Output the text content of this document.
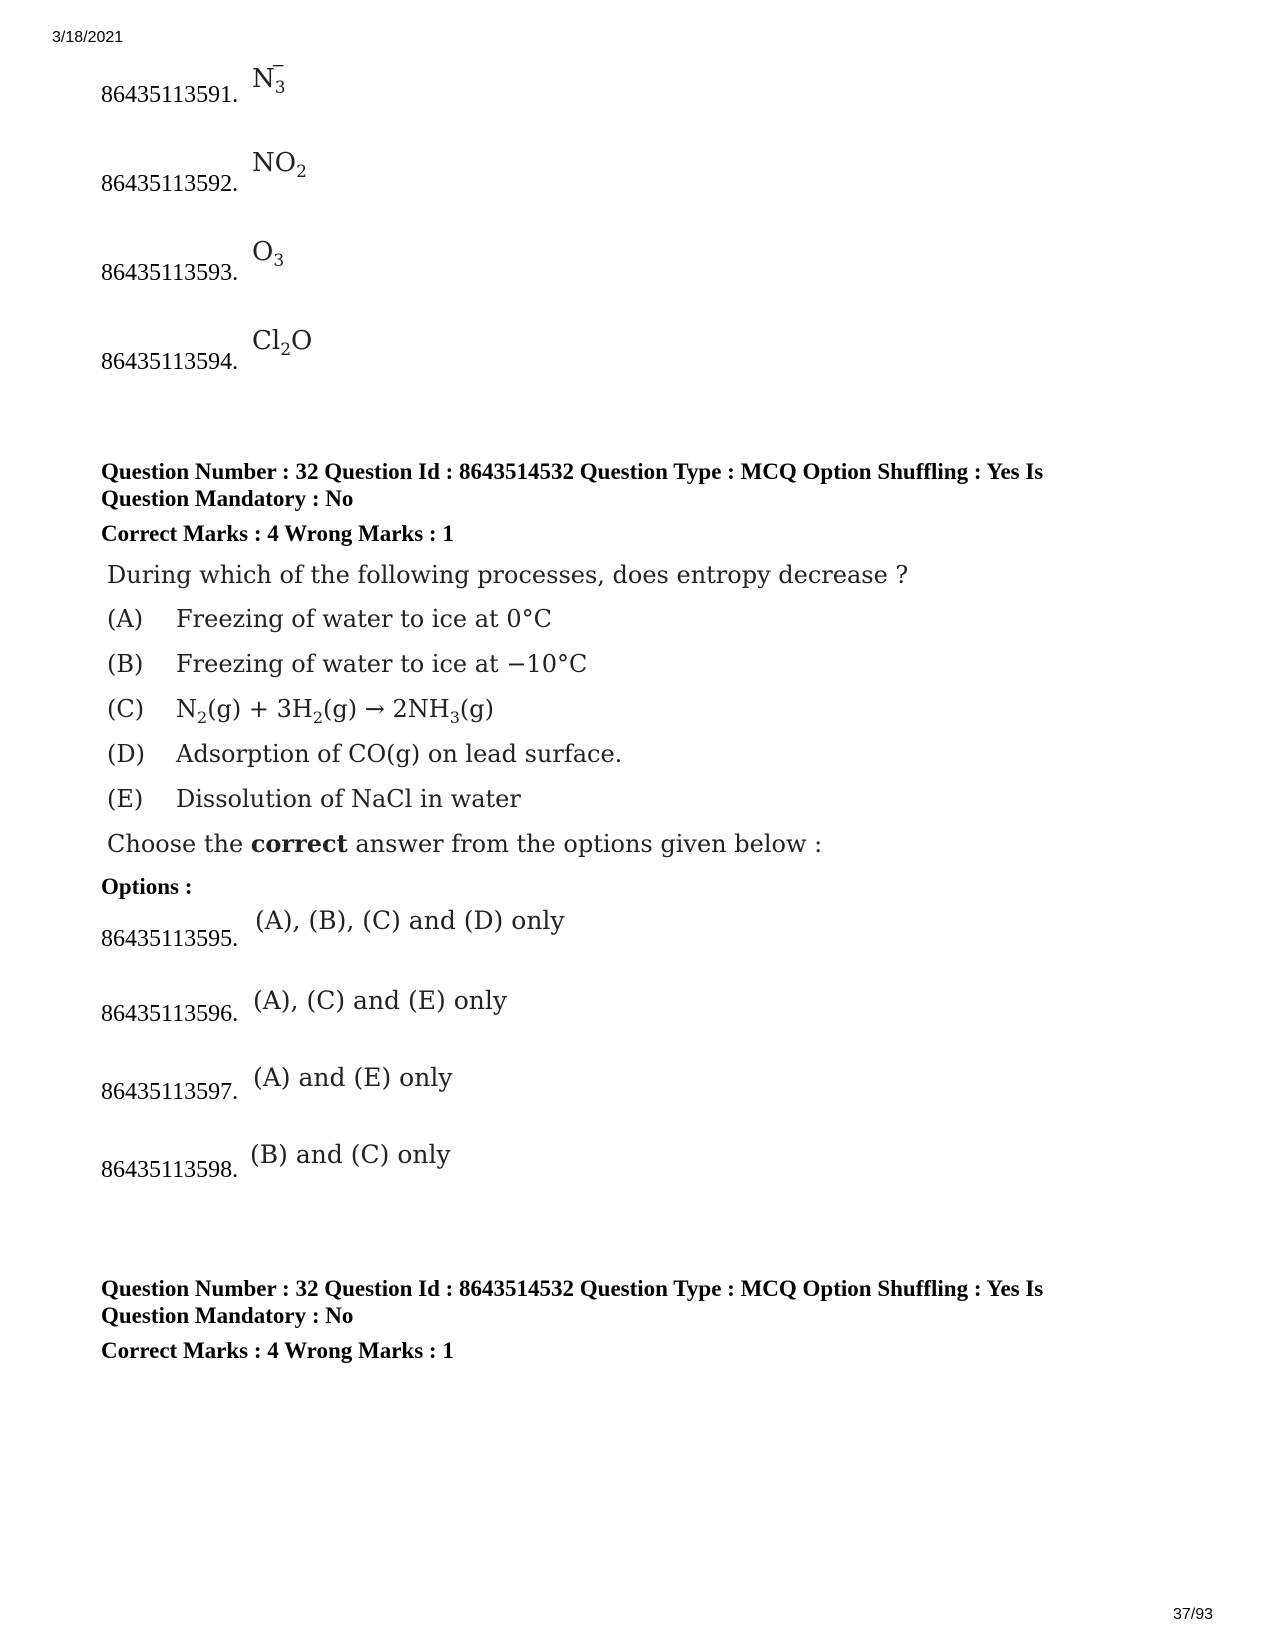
3/18/2021
86435113591.
$N_3$
−
86435113592.
$NO_2$
86435113593.
$O_3$
86435113594.
$Cl_2O$
Question Number : 32 Question Id : 8643514532 Question Type : MCQ Option Shuffling : Yes Is
Question Mandatory : No
Correct Marks : 4 Wrong Marks : 1
During which of the following processes, does entropy decrease ?
(A) Freezing of water to ice at 0°C
(B) Freezing of water to ice at −10°C
(C) $N_2(g) + 3H_2(g) \to 2NH_3(g)$
(D) Adsorption of CO(g) on lead surface.
(E) Dissolution of NaCl in water
Choose the correct answer from the options given below :
Options :
86435113595.
(A), (B), (C) and (D) only
86435113596. (A), (C) and (E) only
86435113597. (A) and (E) only
86435113598.
(B) and (C) only
Question Number : 32 Question Id : 8643514532 Question Type : MCQ Option Shuffling : Yes Is
Question Mandatory : No
Correct Marks : 4 Wrong Marks : 1
37/93
